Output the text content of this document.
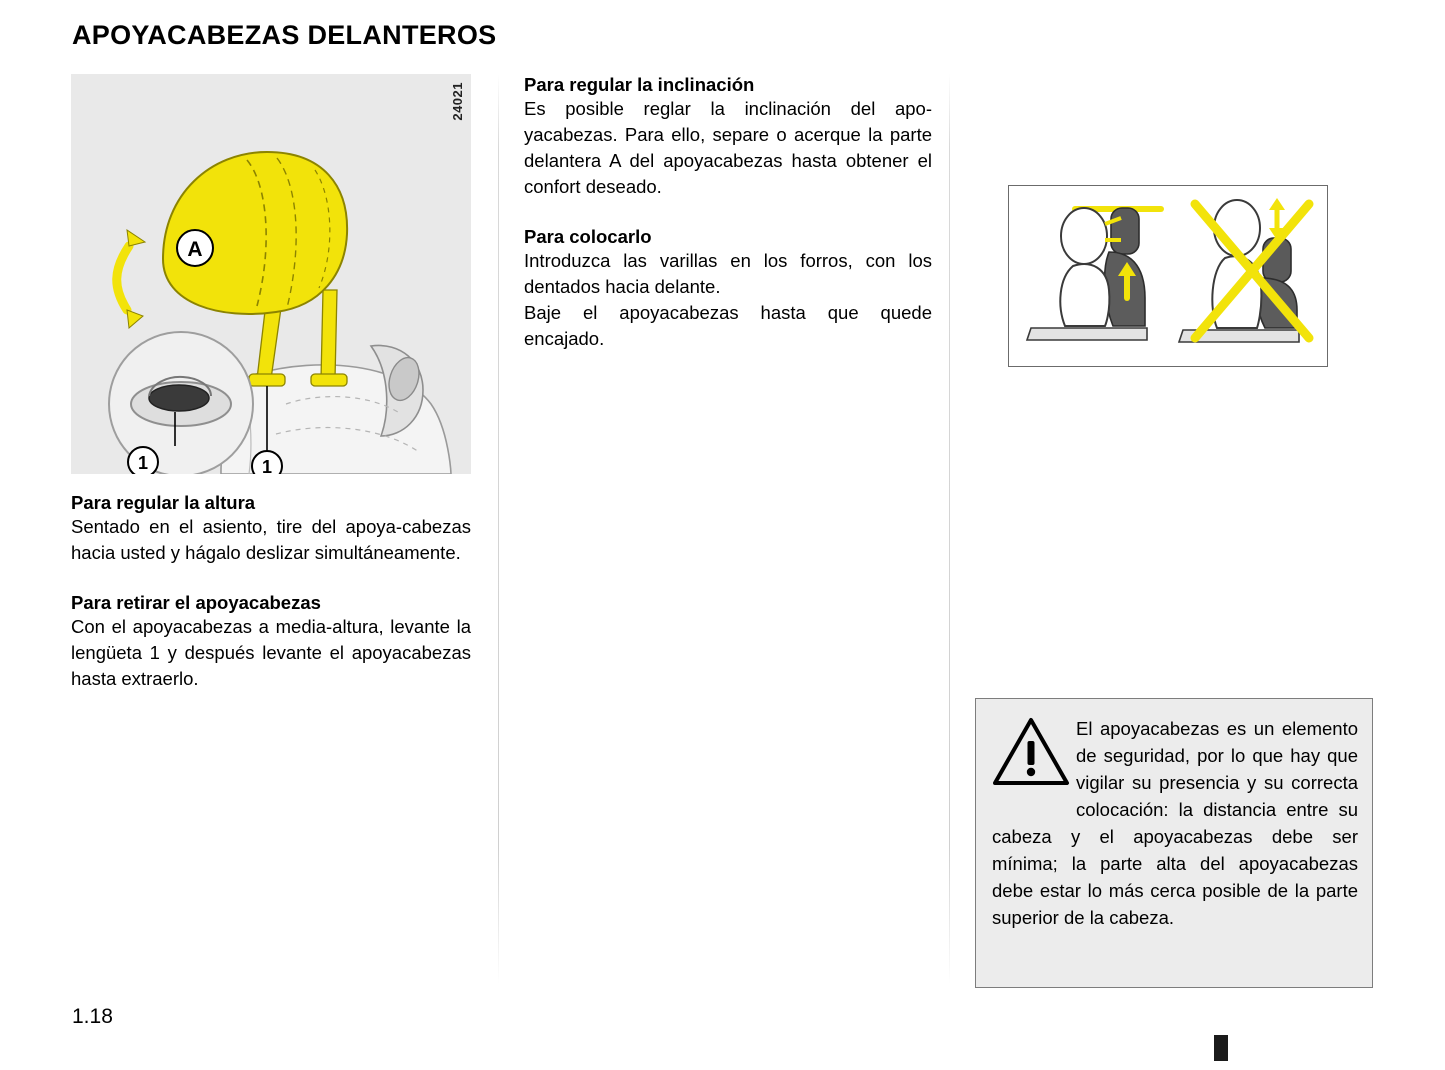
APOYACABEZAS DELANTEROS
A
1
1
24021
Para regular la altura

Sentado en el asiento, tire del apoya-cabezas hacia usted y hágalo deslizar simultáneamente.

Para retirar el apoyacabezas

Con el apoyacabezas a media-altura, levante la lengüeta 1 y después levante el apoyacabezas hasta extraerlo.

Para regular la inclinación

Es posible reglar la inclinación del apo-yacabezas. Para ello, separe o acerque la parte delantera A del apoyacabezas hasta obtener el confort deseado.

Para colocarlo

Introduzca las varillas en los forros, con los dentados hacia delante.

Baje el apoyacabezas hasta que quede encajado.

El apoyacabezas es un elemento de seguridad, por lo que hay que vigilar su presencia y su correcta colocación: la distancia entre su cabeza y el apoyacabezas debe ser mínima; la parte alta del apoyacabezas debe estar lo más cerca posible de la parte superior de la cabeza.
1.18
